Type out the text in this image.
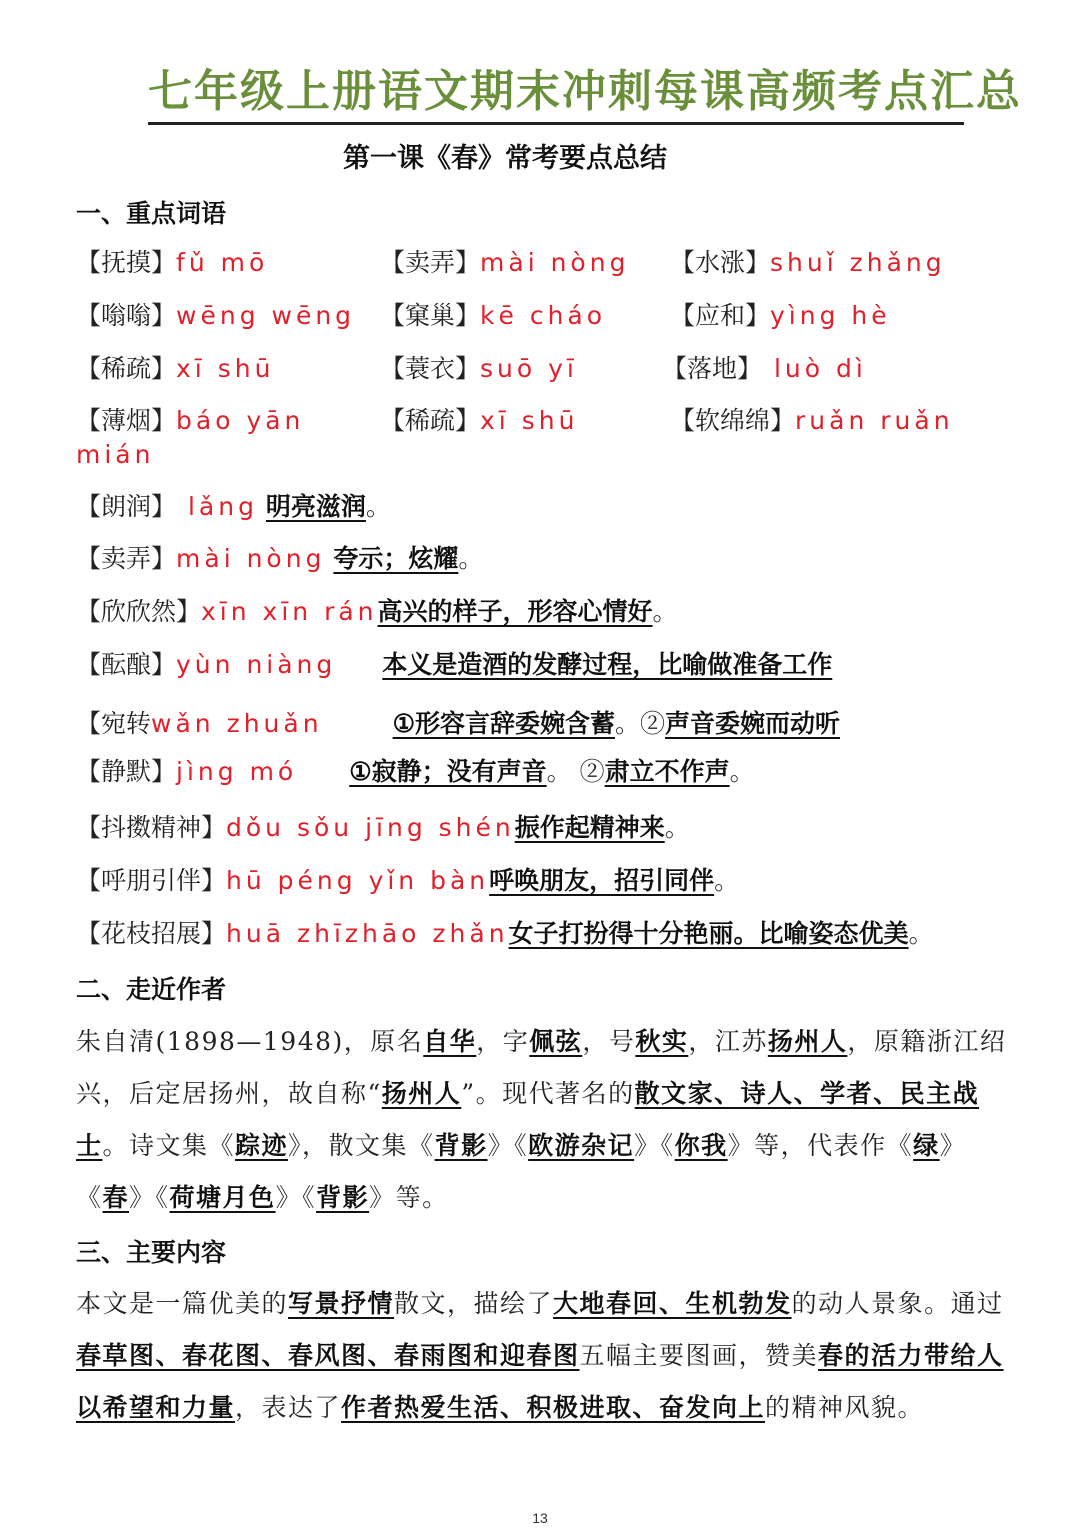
七年级上册语文期末冲刺每课高频考点汇总
第一课《春》常考要点总结
一、重点词语
【抚摸】fǔ mō	【卖弄】mài nòng 【水涨】shuǐ zhǎng
【嗡嗡】wēng wēng 【窠巢】kē cháo	【应和】yìng hè
【稀疏】xī shū	【蓑衣】suō yī	【落地】 luò dì
【薄烟】báo yān	【稀疏】xī shū	【软绵绵】ruǎn ruǎn
mián
【朗润】 lǎng 明亮滋润。
【卖弄】mài nòng 夸示；炫耀。
【欣欣然】xīn xīn rán高兴的样子，形容心情好。
【酝酿】yùn niàng 本义是造酒的发酵过程，比喻做准备工作
【宛转wǎn zhuǎn	①形容言辞委婉含蓄。②声音委婉而动听
【静默】jìng mó ①寂静；没有声音。 ②肃立不作声。
【抖擞精神】dǒu sǒu jīng shén振作起精神来。
【呼朋引伴】hū péng yǐn bàn呼唤朋友，招引同伴。
【花枝招展】huā zhīzhāo zhǎn女子打扮得十分艳丽。比喻姿态优美。
二、走近作者
朱自清(1898—1948)，原名自华，字佩弦，号秋实，江苏扬州人，原籍浙江绍兴，后定居扬州，故自称“扬州人”。现代著名的散文家、诗人、学者、民主战士。诗文集《踪迹》，散文集《背影》《欧游杂记》《你我》等，代表作《绿》《春》《荷塘月色》《背影》等。
三、主要内容
本文是一篇优美的写景抒情散文，描绘了大地春回、生机勃发的动人景象。通过春草图、春花图、春风图、春雨图和迎春图五幅主要图画，赞美春的活力带给人以希望和力量，表达了作者热爱生活、积极进取、奋发向上的精神风貌。
13
